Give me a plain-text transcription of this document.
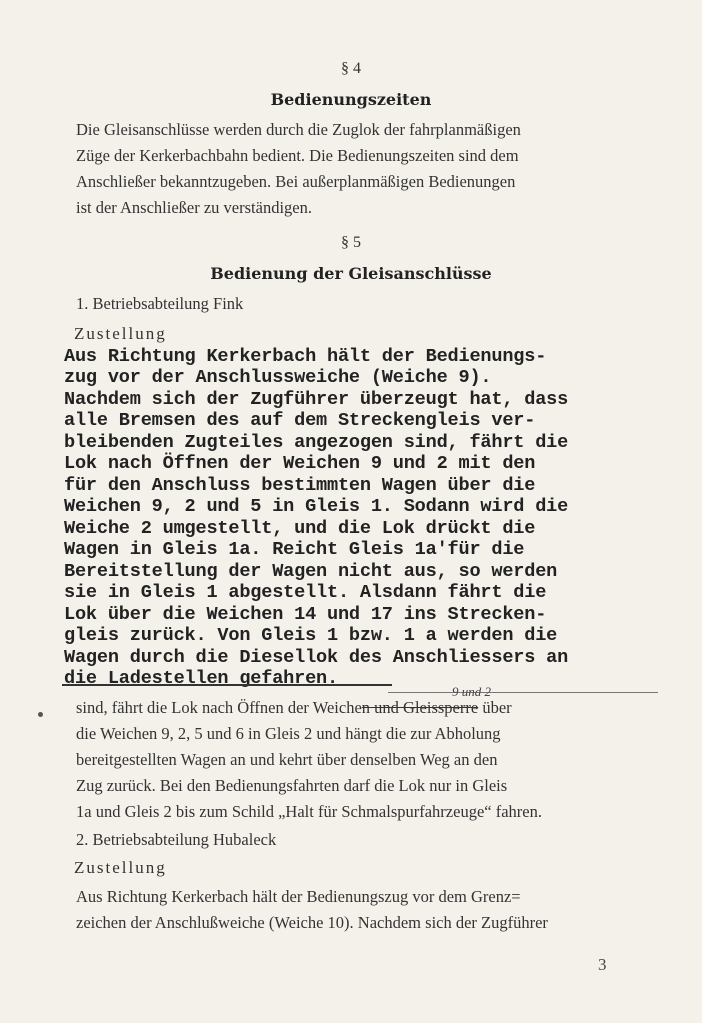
§ 4
Bedienungszeiten
Die Gleisanschlüsse werden durch die Zuglok der fahrplanmäßigen
Züge der Kerkerbachbahn bedient. Die Bedienungszeiten sind dem
Anschließer bekanntzugeben. Bei außerplanmäßigen Bedienungen
ist der Anschließer zu verständigen.
§ 5
Bedienung der Gleisanschlüsse
1. Betriebsabteilung Fink
Zustellung
Aus Richtung Kerkerbach hält der Bedienungs-
zug vor der Anschlussweiche (Weiche 9).
Nachdem sich der Zugführer überzeugt hat, dass
alle Bremsen des auf dem Streckengleis ver-
bleibenden Zugteiles angezogen sind, fährt die
Lok nach Öffnen der Weichen 9 und 2 mit den
für den Anschluss bestimmten Wagen über die
Weichen 9, 2 und 5 in Gleis 1. Sodann wird die
Weiche 2 umgestellt, und die Lok drückt die
Wagen in Gleis 1a. Reicht Gleis 1a'für die
Bereitstellung der Wagen nicht aus, so werden
sie in Gleis 1 abgestellt. Alsdann fährt die
Lok über die Weichen 14 und 17 ins Strecken-
gleis zurück. Von Gleis 1 bzw. 1 a werden die
Wagen durch die Diesellok des Anschliessers an
die Ladestellen gefahren.
9 und 2
sind, fährt die Lok nach Öffnen der Weichen und Gleissperre über
die Weichen 9, 2, 5 und 6 in Gleis 2 und hängt die zur Abholung
bereitgestellten Wagen an und kehrt über denselben Weg an den
Zug zurück. Bei den Bedienungsfahrten darf die Lok nur in Gleis
1a und Gleis 2 bis zum Schild „Halt für Schmalspurfahrzeuge“ fahren.
2. Betriebsabteilung Hubaleck
Zustellung
Aus Richtung Kerkerbach hält der Bedienungszug vor dem Grenz=
zeichen der Anschlußweiche (Weiche 10). Nachdem sich der Zugführer
3
